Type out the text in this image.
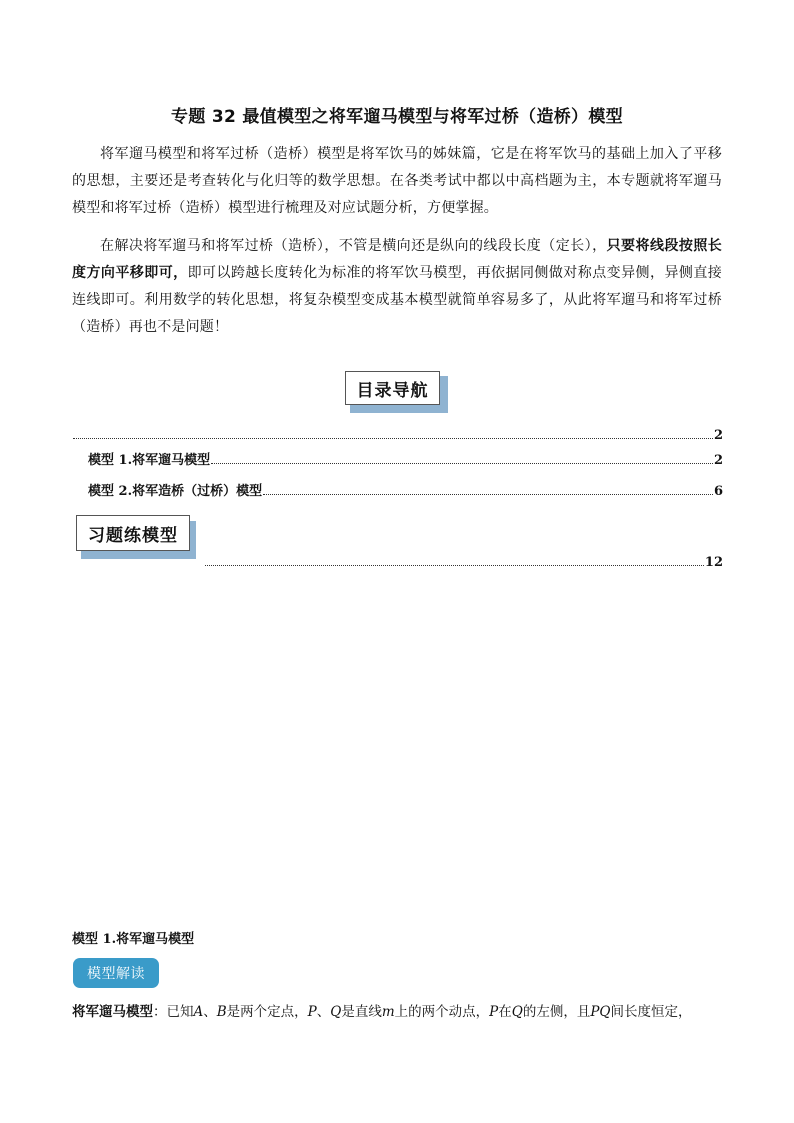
专题 32 最值模型之将军遛马模型与将军过桥（造桥）模型
将军遛马模型和将军过桥（造桥）模型是将军饮马的姊妹篇，它是在将军饮马的基础上加入了平移的思想，主要还是考查转化与化归等的数学思想。在各类考试中都以中高档题为主，本专题就将军遛马模型和将军过桥（造桥）模型进行梳理及对应试题分析，方便掌握。
在解决将军遛马和将军过桥（造桥），不管是横向还是纵向的线段长度（定长），只要将线段按照长度方向平移即可，即可以跨越长度转化为标准的将军饮马模型，再依据同侧做对称点变异侧，异侧直接连线即可。利用数学的转化思想，将复杂模型变成基本模型就简单容易多了，从此将军遛马和将军过桥（造桥）再也不是问题！
目录导航
2
模型 1.将军遛马模型	2
模型 2.将军造桥（过桥）模型	6
习题练模型
12
模型 1.将军遛马模型
模型解读
将军遛马模型：已知A、B是两个定点，P、Q是直线m上的两个动点，P在Q的左侧，且PQ间长度恒定，
